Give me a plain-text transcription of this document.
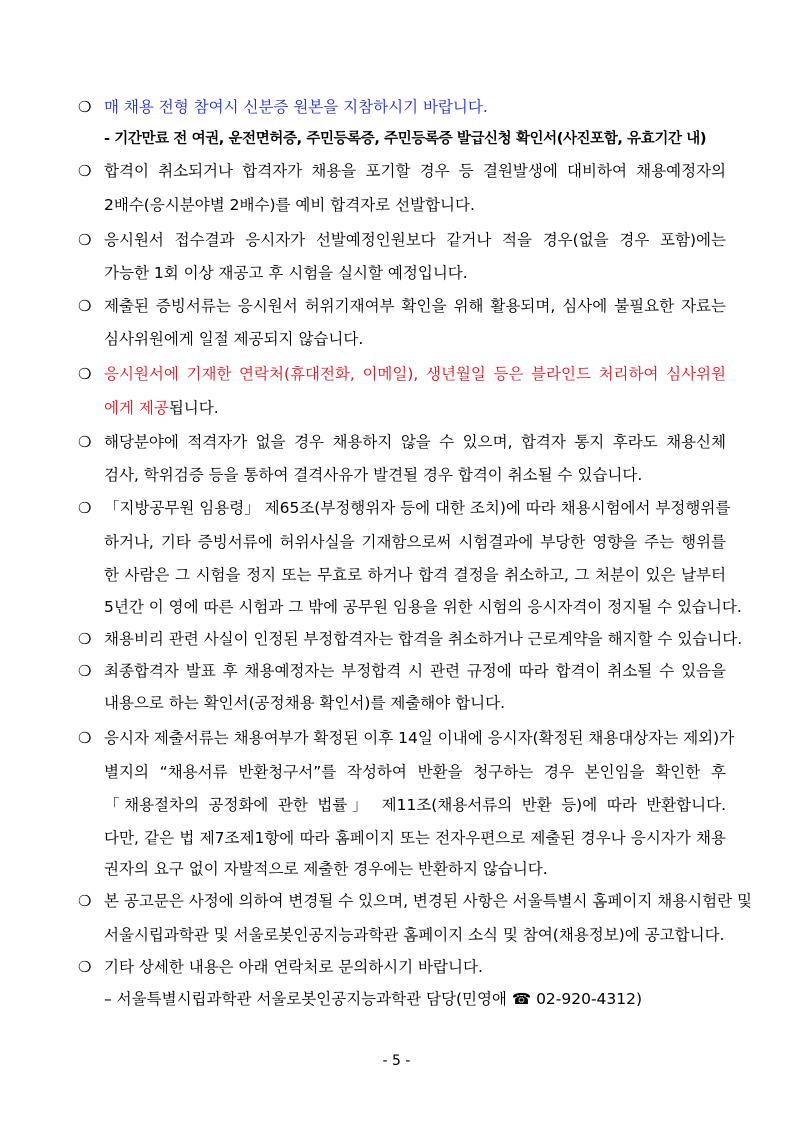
❍ 매 채용 전형 참여시 신분증 원본을 지참하시기 바랍니다.
- 기간만료 전 여권, 운전면허증, 주민등록증, 주민등록증 발급신청 확인서(사진포함, 유효기간 내)
❍ 합격이 취소되거나 합격자가 채용을 포기할 경우 등 결원발생에 대비하여 채용예정자의
2배수(응시분야별 2배수)를 예비 합격자로 선발합니다.
❍ 응시원서 접수결과 응시자가 선발예정인원보다 같거나 적을 경우(없을 경우 포함)에는
가능한 1회 이상 재공고 후 시험을 실시할 예정입니다.
❍ 제출된 증빙서류는 응시원서 허위기재여부 확인을 위해 활용되며, 심사에 불필요한 자료는
심사위원에게 일절 제공되지 않습니다.
❍ 응시원서에 기재한 연락처(휴대전화, 이메일), 생년월일 등은 블라인드 처리하여 심사위원
에게 제공됩니다.
❍ 해당분야에 적격자가 없을 경우 채용하지 않을 수 있으며, 합격자 통지 후라도 채용신체
검사, 학위검증 등을 통하여 결격사유가 발견될 경우 합격이 취소될 수 있습니다.
❍ 「지방공무원 임용령」 제65조(부정행위자 등에 대한 조치)에 따라 채용시험에서 부정행위를
하거나, 기타 증빙서류에 허위사실을 기재함으로써 시험결과에 부당한 영향을 주는 행위를
한 사람은 그 시험을 정지 또는 무효로 하거나 합격 결정을 취소하고, 그 처분이 있은 날부터
5년간 이 영에 따른 시험과 그 밖에 공무원 임용을 위한 시험의 응시자격이 정지될 수 있습니다.
❍ 채용비리 관련 사실이 인정된 부정합격자는 합격을 취소하거나 근로계약을 해지할 수 있습니다.
❍ 최종합격자 발표 후 채용예정자는 부정합격 시 관련 규정에 따라 합격이 취소될 수 있음을
내용으로 하는 확인서(공정채용 확인서)를 제출해야 합니다.
❍ 응시자 제출서류는 채용여부가 확정된 이후 14일 이내에 응시자(확정된 채용대상자는 제외)가
별지의 “채용서류 반환청구서”를 작성하여 반환을 청구하는 경우 본인임을 확인한 후
「채용절차의 공정화에 관한 법률」 제11조(채용서류의 반환 등)에 따라 반환합니다.
다만, 같은 법 제7조제1항에 따라 홈페이지 또는 전자우편으로 제출된 경우나 응시자가 채용
권자의 요구 없이 자발적으로 제출한 경우에는 반환하지 않습니다.
❍ 본 공고문은 사정에 의하여 변경될 수 있으며, 변경된 사항은 서울특별시 홈페이지 채용시험란 및
서울시립과학관 및 서울로봇인공지능과학관 홈페이지 소식 및 참여(채용정보)에 공고합니다.
❍ 기타 상세한 내용은 아래 연락처로 문의하시기 바랍니다.
– 서울특별시립과학관 서울로봇인공지능과학관 담당(민영애 ☎ 02-920-4312)
- 5 -
